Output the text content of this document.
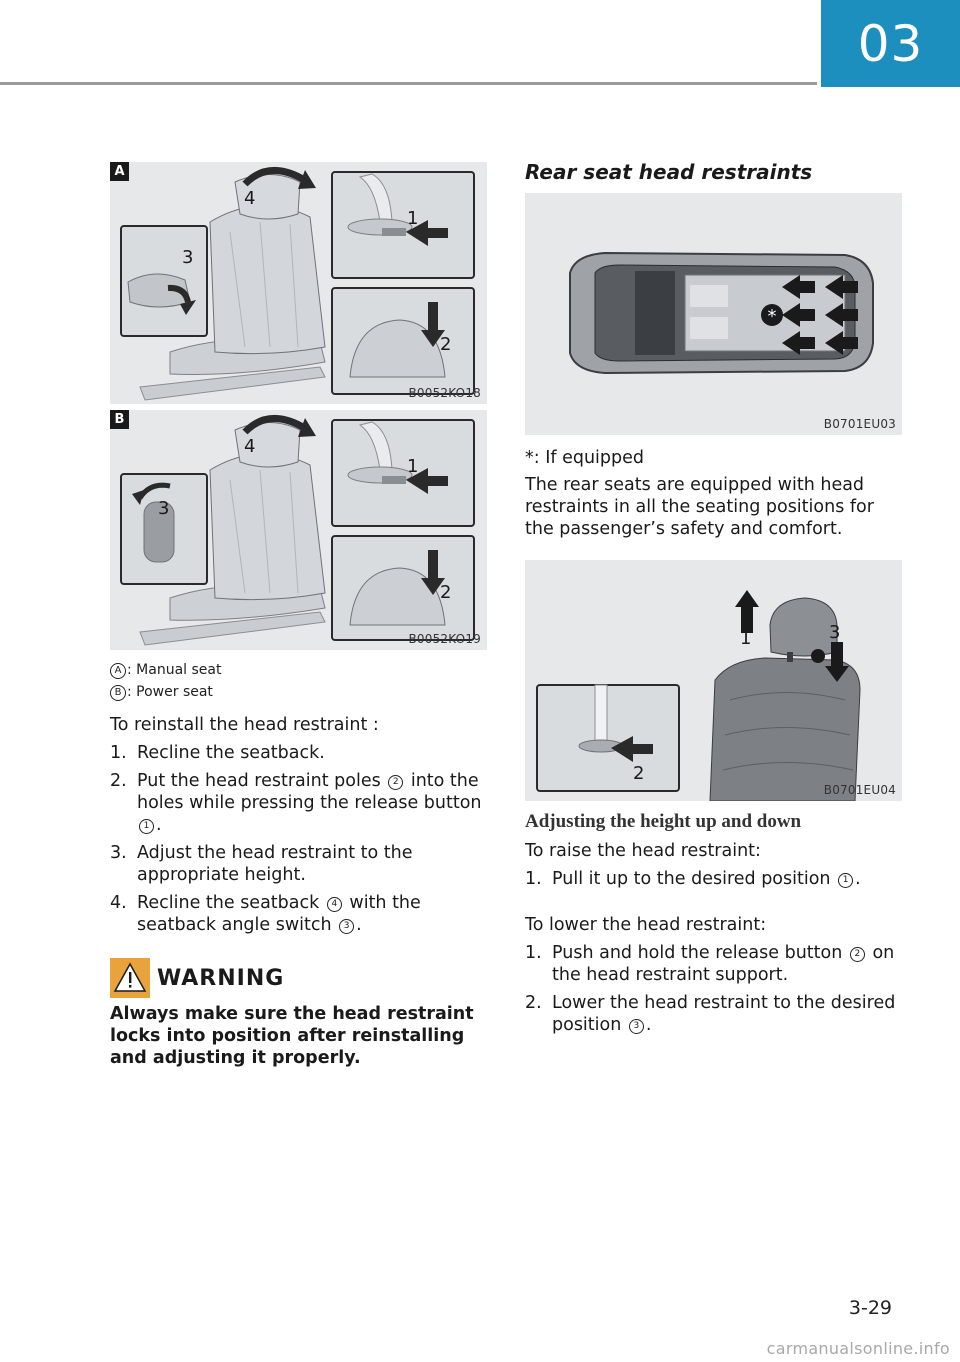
03
A
1
2
3
4
B0052KO18
B
1
2
3
4
B0052KO19
A : Manual seat
B : Power seat
To reinstall the head restraint :
1. Recline the seatback.
2. Put the head restraint poles 2 into the holes while pressing the release button 1 .
3. Adjust the head restraint to the appropriate height.
4. Recline the seatback 4 with the seatback angle switch 3 .
WARNING
Always make sure the head restraint locks into position after reinstalling and adjusting it properly.
Rear seat head restraints
*
B0701EU03
*: If equipped
The rear seats are equipped with head restraints in all the seating positions for the passenger’s safety and comfort.
1
2
3
B0701EU04
Adjusting the height up and down
To raise the head restraint:
1. Pull it up to the desired position 1 .
To lower the head restraint:
1. Push and hold the release button 2 on the head restraint support.
2. Lower the head restraint to the desired position 3 .
3-29
carmanualsonline.info
